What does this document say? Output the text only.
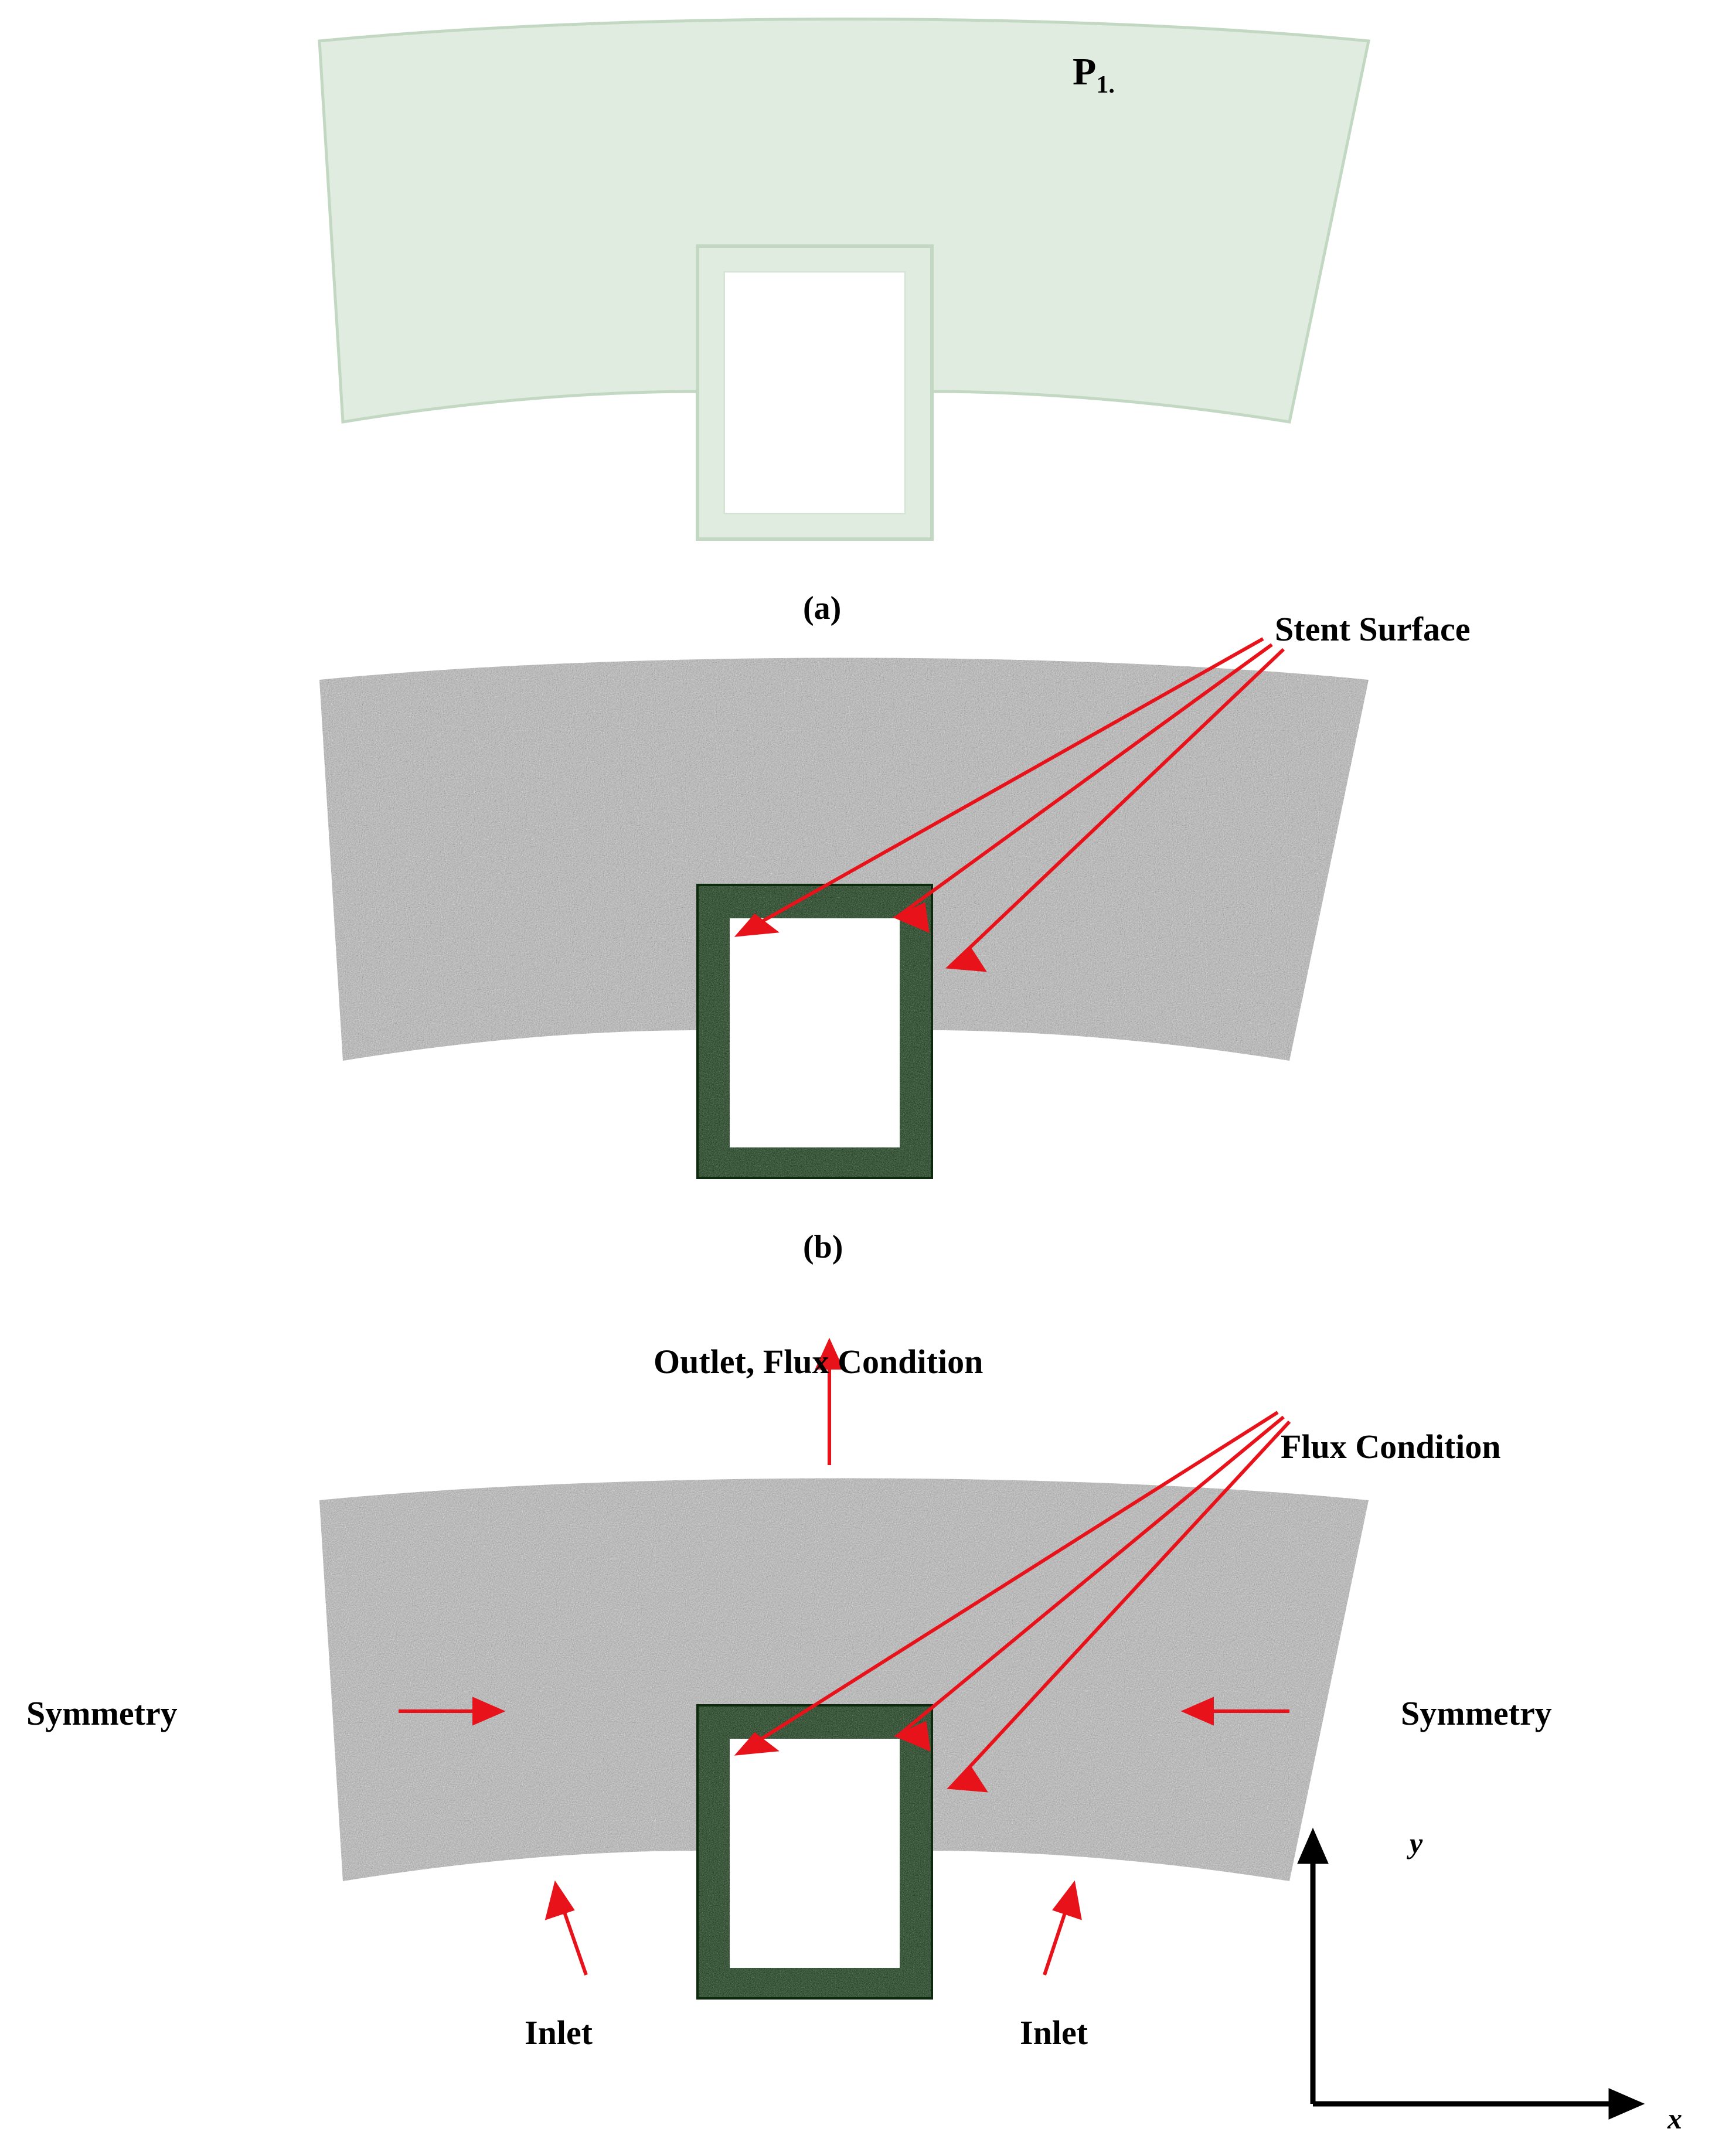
$P_{1.}$
(a)
Stent Surface
(b)
Outlet, Flux Condition
Flux Condition
Symmetry	Symmetry
Inlet	Inlet
y
x
